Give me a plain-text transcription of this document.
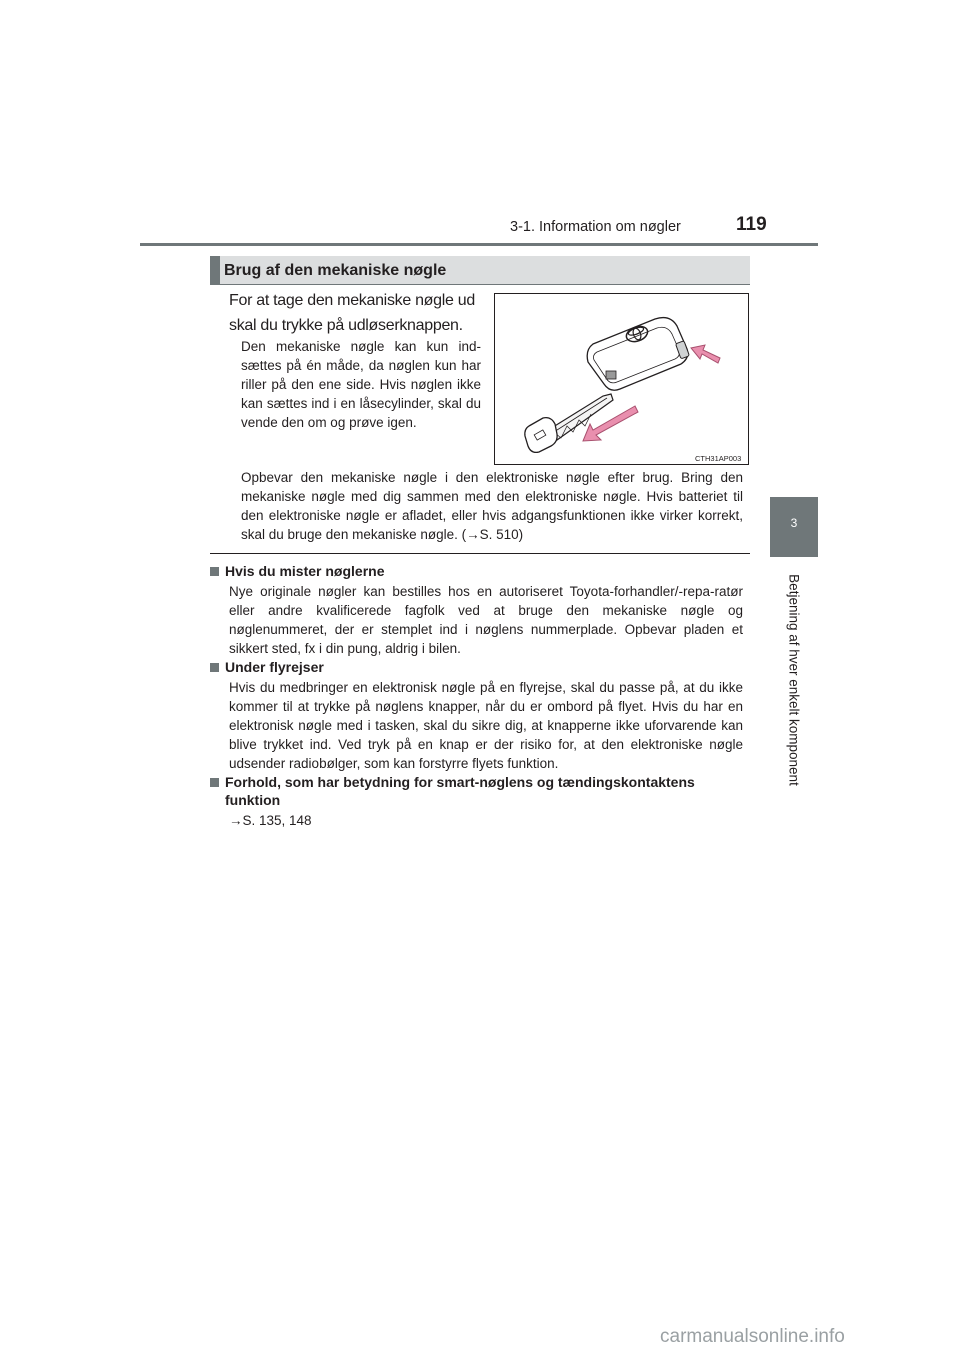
3-1. Information om nøgler	119
3
Betjening af hver enkelt komponent
Brug af den mekaniske nøgle
For at tage den mekaniske nøgle ud skal du trykke på udløserknappen.
Den mekaniske nøgle kan kun ind-sættes på én måde, da nøglen kun har riller på den ene side. Hvis nøglen ikke kan sættes ind i en låsecylinder, skal du vende den om og prøve igen.
CTH31AP003
Opbevar den mekaniske nøgle i den elektroniske nøgle efter brug. Bring den mekaniske nøgle med dig sammen med den elektroniske nøgle. Hvis batteriet til den elektroniske nøgle er afladet, eller hvis adgangsfunktionen ikke virker korrekt, skal du bruge den mekaniske nøgle. (→S. 510)
Hvis du mister nøglerne
Nye originale nøgler kan bestilles hos en autoriseret Toyota-forhandler/-repa-ratør eller andre kvalificerede fagfolk ved at bruge den mekaniske nøgle og nøglenummeret, der er stemplet ind i nøglens nummerplade. Opbevar pladen et sikkert sted, fx i din pung, aldrig i bilen.
Under flyrejser
Hvis du medbringer en elektronisk nøgle på en flyrejse, skal du passe på, at du ikke kommer til at trykke på nøglens knapper, når du er ombord på flyet. Hvis du har en elektronisk nøgle med i tasken, skal du sikre dig, at knapperne ikke uforvarende kan blive trykket ind. Ved tryk på en knap er der risiko for, at den elektroniske nøgle udsender radiobølger, som kan forstyrre flyets funktion.
Forhold, som har betydning for smart-nøglens og tændingskontaktens
funktion
→S. 135, 148
carmanualsonline.info
